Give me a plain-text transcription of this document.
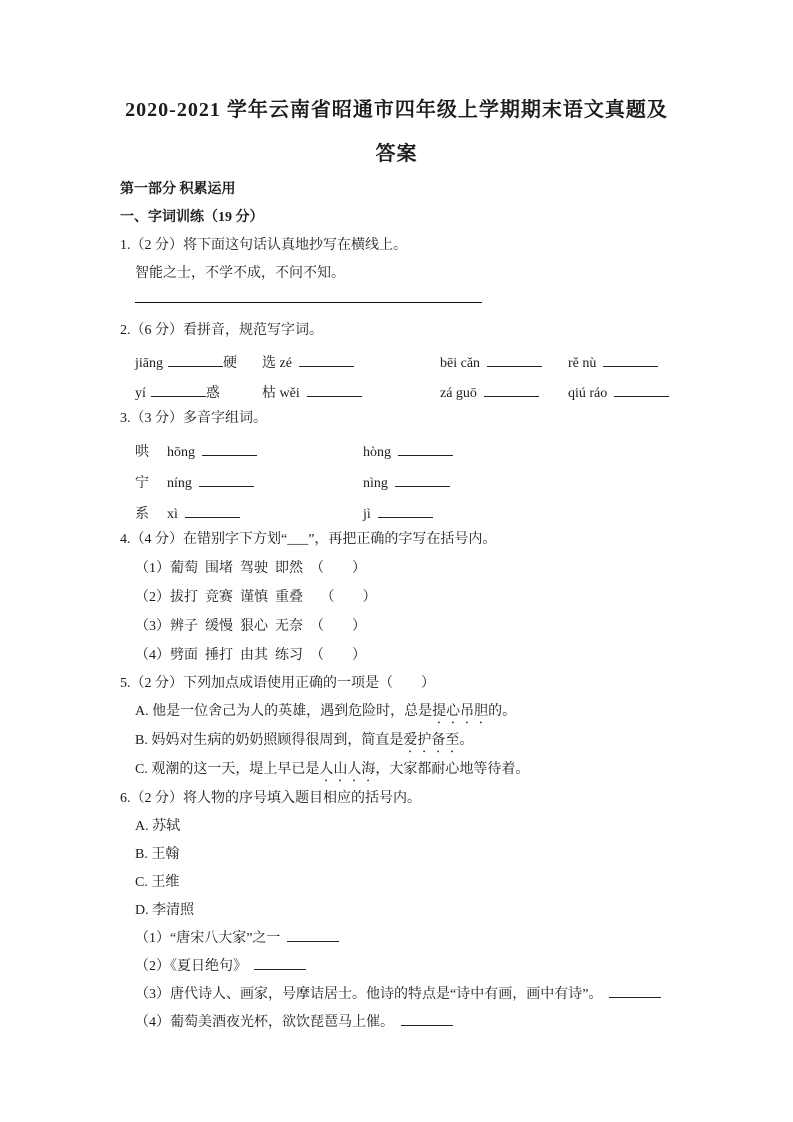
2020-2021 学年云南省昭通市四年级上学期期末语文真题及
答案

第一部分 积累运用

一、字词训练（19 分）

1.（2 分）将下面这句话认真地抄写在横线上。

智能之士，不学不成，不问不知。

2.（6 分）看拼音，规范写字词。

jiāng	硬	选 zé	bēi cǎn	rě nù
yí	惑	枯 wěi	zá guō	qiú ráo

3.（3 分）多音字组词。

哄	hōng	hòng
宁	níng	nìng
系	xì	jì

4.（4 分）在错别字下方划“___”，再把正确的字写在括号内。

（1）葡萄  围堵  驾驶  即然　 （　　）

（2）拔打  竞赛  谨慎  重叠　 （　　）

（3）辨子  缓慢  狠心  无奈　 （　　）

（4）劈面  捶打  由其  练习　 （　　）

5.（2 分）下列加点成语使用正确的一项是（　　）

A. 他是一位舍己为人的英雄，遇到危险时，总是提心吊胆的。

B. 妈妈对生病的奶奶照顾得很周到，简直是爱护备至。

C. 观潮的这一天，堤上早已是人山人海，大家都耐心地等待着。

6.（2 分）将人物的序号填入题目相应的括号内。

A. 苏轼

B. 王翰

C. 王维

D. 李清照

（1）“唐宋八大家”之一

（2）《夏日绝句》

（3）唐代诗人、画家，号摩诘居士。他诗的特点是“诗中有画，画中有诗”。

（4）葡萄美酒夜光杯，欲饮琵琶马上催。
